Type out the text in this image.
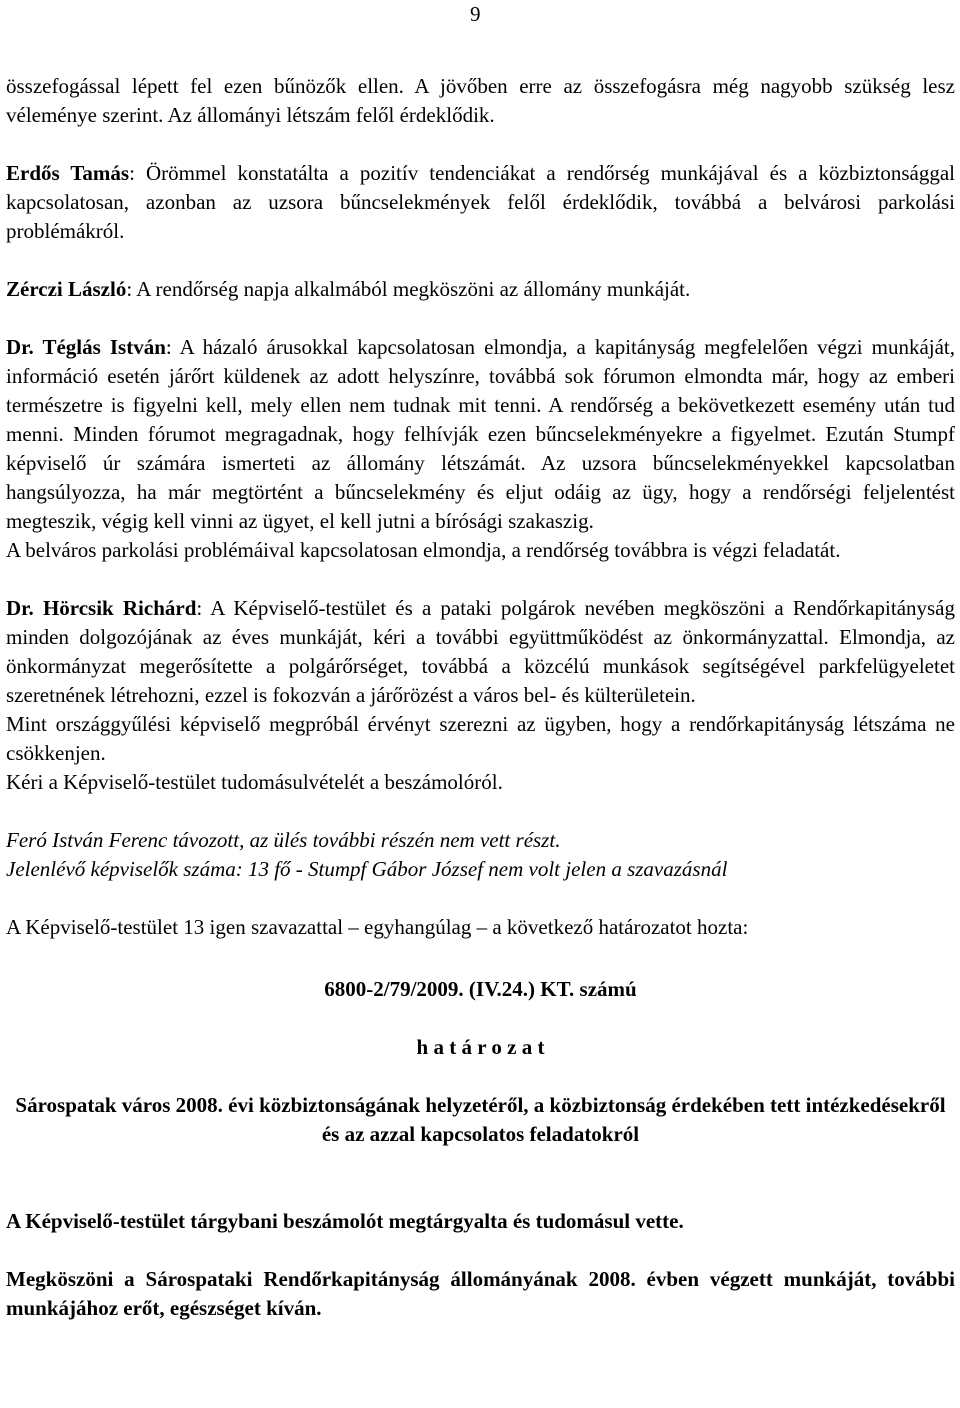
9

összefogással lépett fel ezen bűnözők ellen. A jövőben erre az összefogásra még nagyobb szükség lesz véleménye szerint. Az állományi létszám felől érdeklődik.

Erdős Tamás: Örömmel konstatálta a pozitív tendenciákat a rendőrség munkájával és a közbiztonsággal kapcsolatosan, azonban az uzsora bűncselekmények felől érdeklődik, továbbá a belvárosi parkolási problémákról.

Zérczi László: A rendőrség napja alkalmából megköszöni az állomány munkáját.

Dr. Téglás István: A házaló árusokkal kapcsolatosan elmondja, a kapitányság megfelelően végzi munkáját, információ esetén járőrt küldenek az adott helyszínre, továbbá sok fórumon elmondta már, hogy az emberi természetre is figyelni kell, mely ellen nem tudnak mit tenni. A rendőrség a bekövetkezett esemény után tud menni. Minden fórumot megragadnak, hogy felhívják ezen bűncselekményekre a figyelmet. Ezután Stumpf képviselő úr számára ismerteti az állomány létszámát. Az uzsora bűncselekményekkel kapcsolatban hangsúlyozza, ha már megtörtént a bűncselekmény és eljut odáig az ügy, hogy a rendőrségi feljelentést megteszik, végig kell vinni az ügyet, el kell jutni a bírósági szakaszig.

A belváros parkolási problémáival kapcsolatosan elmondja, a rendőrség továbbra is végzi feladatát.

Dr. Hörcsik Richárd: A Képviselő-testület és a pataki polgárok nevében megköszöni a Rendőrkapitányság minden dolgozójának az éves munkáját, kéri a további együttműködést az önkormányzattal. Elmondja, az önkormányzat megerősítette a polgárőrséget, továbbá a közcélú munkások segítségével parkfelügyeletet szeretnének létrehozni, ezzel is fokozván a járőrözést a város bel- és külterületein.

Mint országgyűlési képviselő megpróbál érvényt szerezni az ügyben, hogy a rendőrkapitányság létszáma ne csökkenjen.

Kéri a Képviselő-testület tudomásulvételét a beszámolóról.

Feró István Ferenc távozott, az ülés további részén nem vett részt.

Jelenlévő képviselők száma: 13 fő - Stumpf Gábor József nem volt jelen a szavazásnál

A Képviselő-testület 13 igen szavazattal – egyhangúlag – a következő határozatot hozta:

6800-2/79/2009. (IV.24.) KT. számú

h a t á r o z a t

Sárospatak város 2008. évi közbiztonságának helyzetéről, a közbiztonság érdekében tett intézkedésekről és az azzal kapcsolatos feladatokról

A Képviselő-testület tárgybani beszámolót megtárgyalta és tudomásul vette.

Megköszöni a Sárospataki Rendőrkapitányság állományának 2008. évben végzett munkáját, további munkájához erőt, egészséget kíván.
